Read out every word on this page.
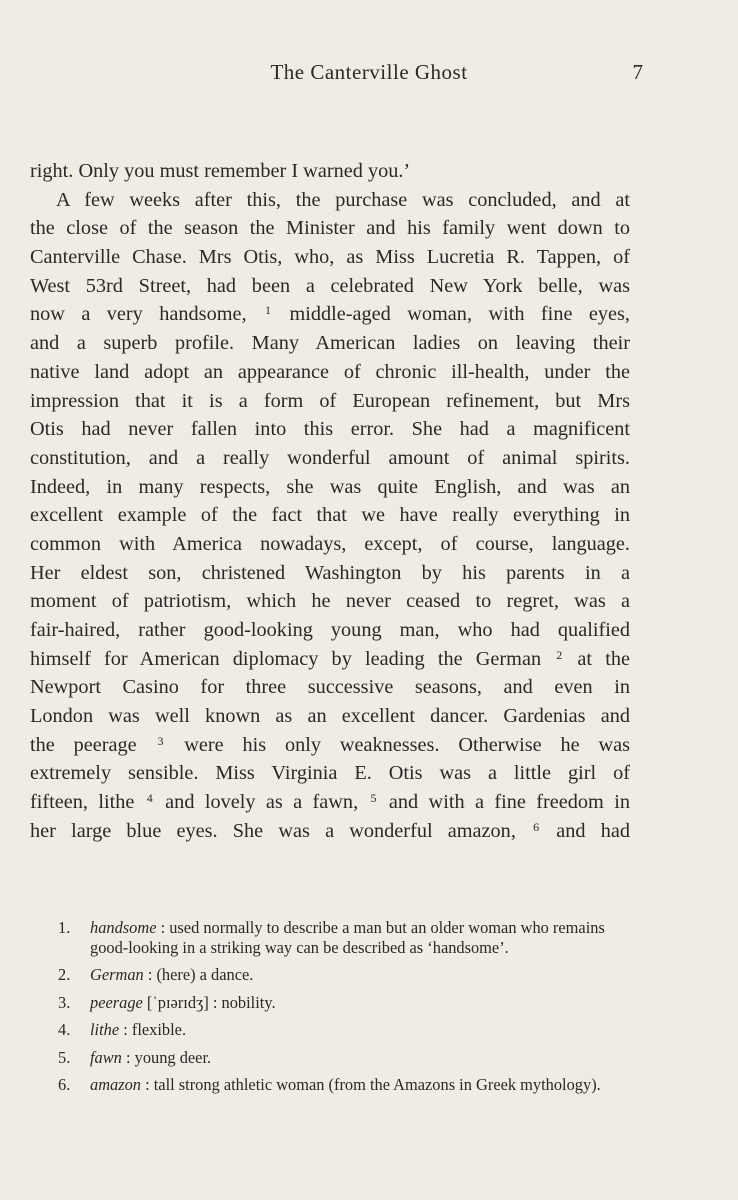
The Canterville Ghost	7
right. Only you must remember I warned you.’
A few weeks after this, the purchase was concluded, and at
the close of the season the Minister and his family went down to
Canterville Chase. Mrs Otis, who, as Miss Lucretia R. Tappen, of
West 53rd Street, had been a celebrated New York belle, was
now a very handsome, $^1$ middle-aged woman, with fine eyes,
and a superb profile. Many American ladies on leaving their
native land adopt an appearance of chronic ill-health, under the
impression that it is a form of European refinement, but Mrs
Otis had never fallen into this error. She had a magnificent
constitution, and a really wonderful amount of animal spirits.
Indeed, in many respects, she was quite English, and was an
excellent example of the fact that we have really everything in
common with America nowadays, except, of course, language.
Her eldest son, christened Washington by his parents in a
moment of patriotism, which he never ceased to regret, was a
fair-haired, rather good-looking young man, who had qualified
himself for American diplomacy by leading the German $^2$ at the
Newport Casino for three successive seasons, and even in
London was well known as an excellent dancer. Gardenias and
the peerage $^3$ were his only weaknesses. Otherwise he was
extremely sensible. Miss Virginia E. Otis was a little girl of
fifteen, lithe $^4$ and lovely as a fawn, $^5$ and with a fine freedom in
her large blue eyes. She was a wonderful amazon, $^6$ and had
1.	handsome : used normally to describe a man but an older woman who remains good-looking in a striking way can be described as ‘handsome’.
2.	German : (here) a dance.
3.	peerage [ˈpɪərɪdʒ] : nobility.
4.	lithe : flexible.
5.	fawn : young deer.
6.	amazon : tall strong athletic woman (from the Amazons in Greek mythology).
